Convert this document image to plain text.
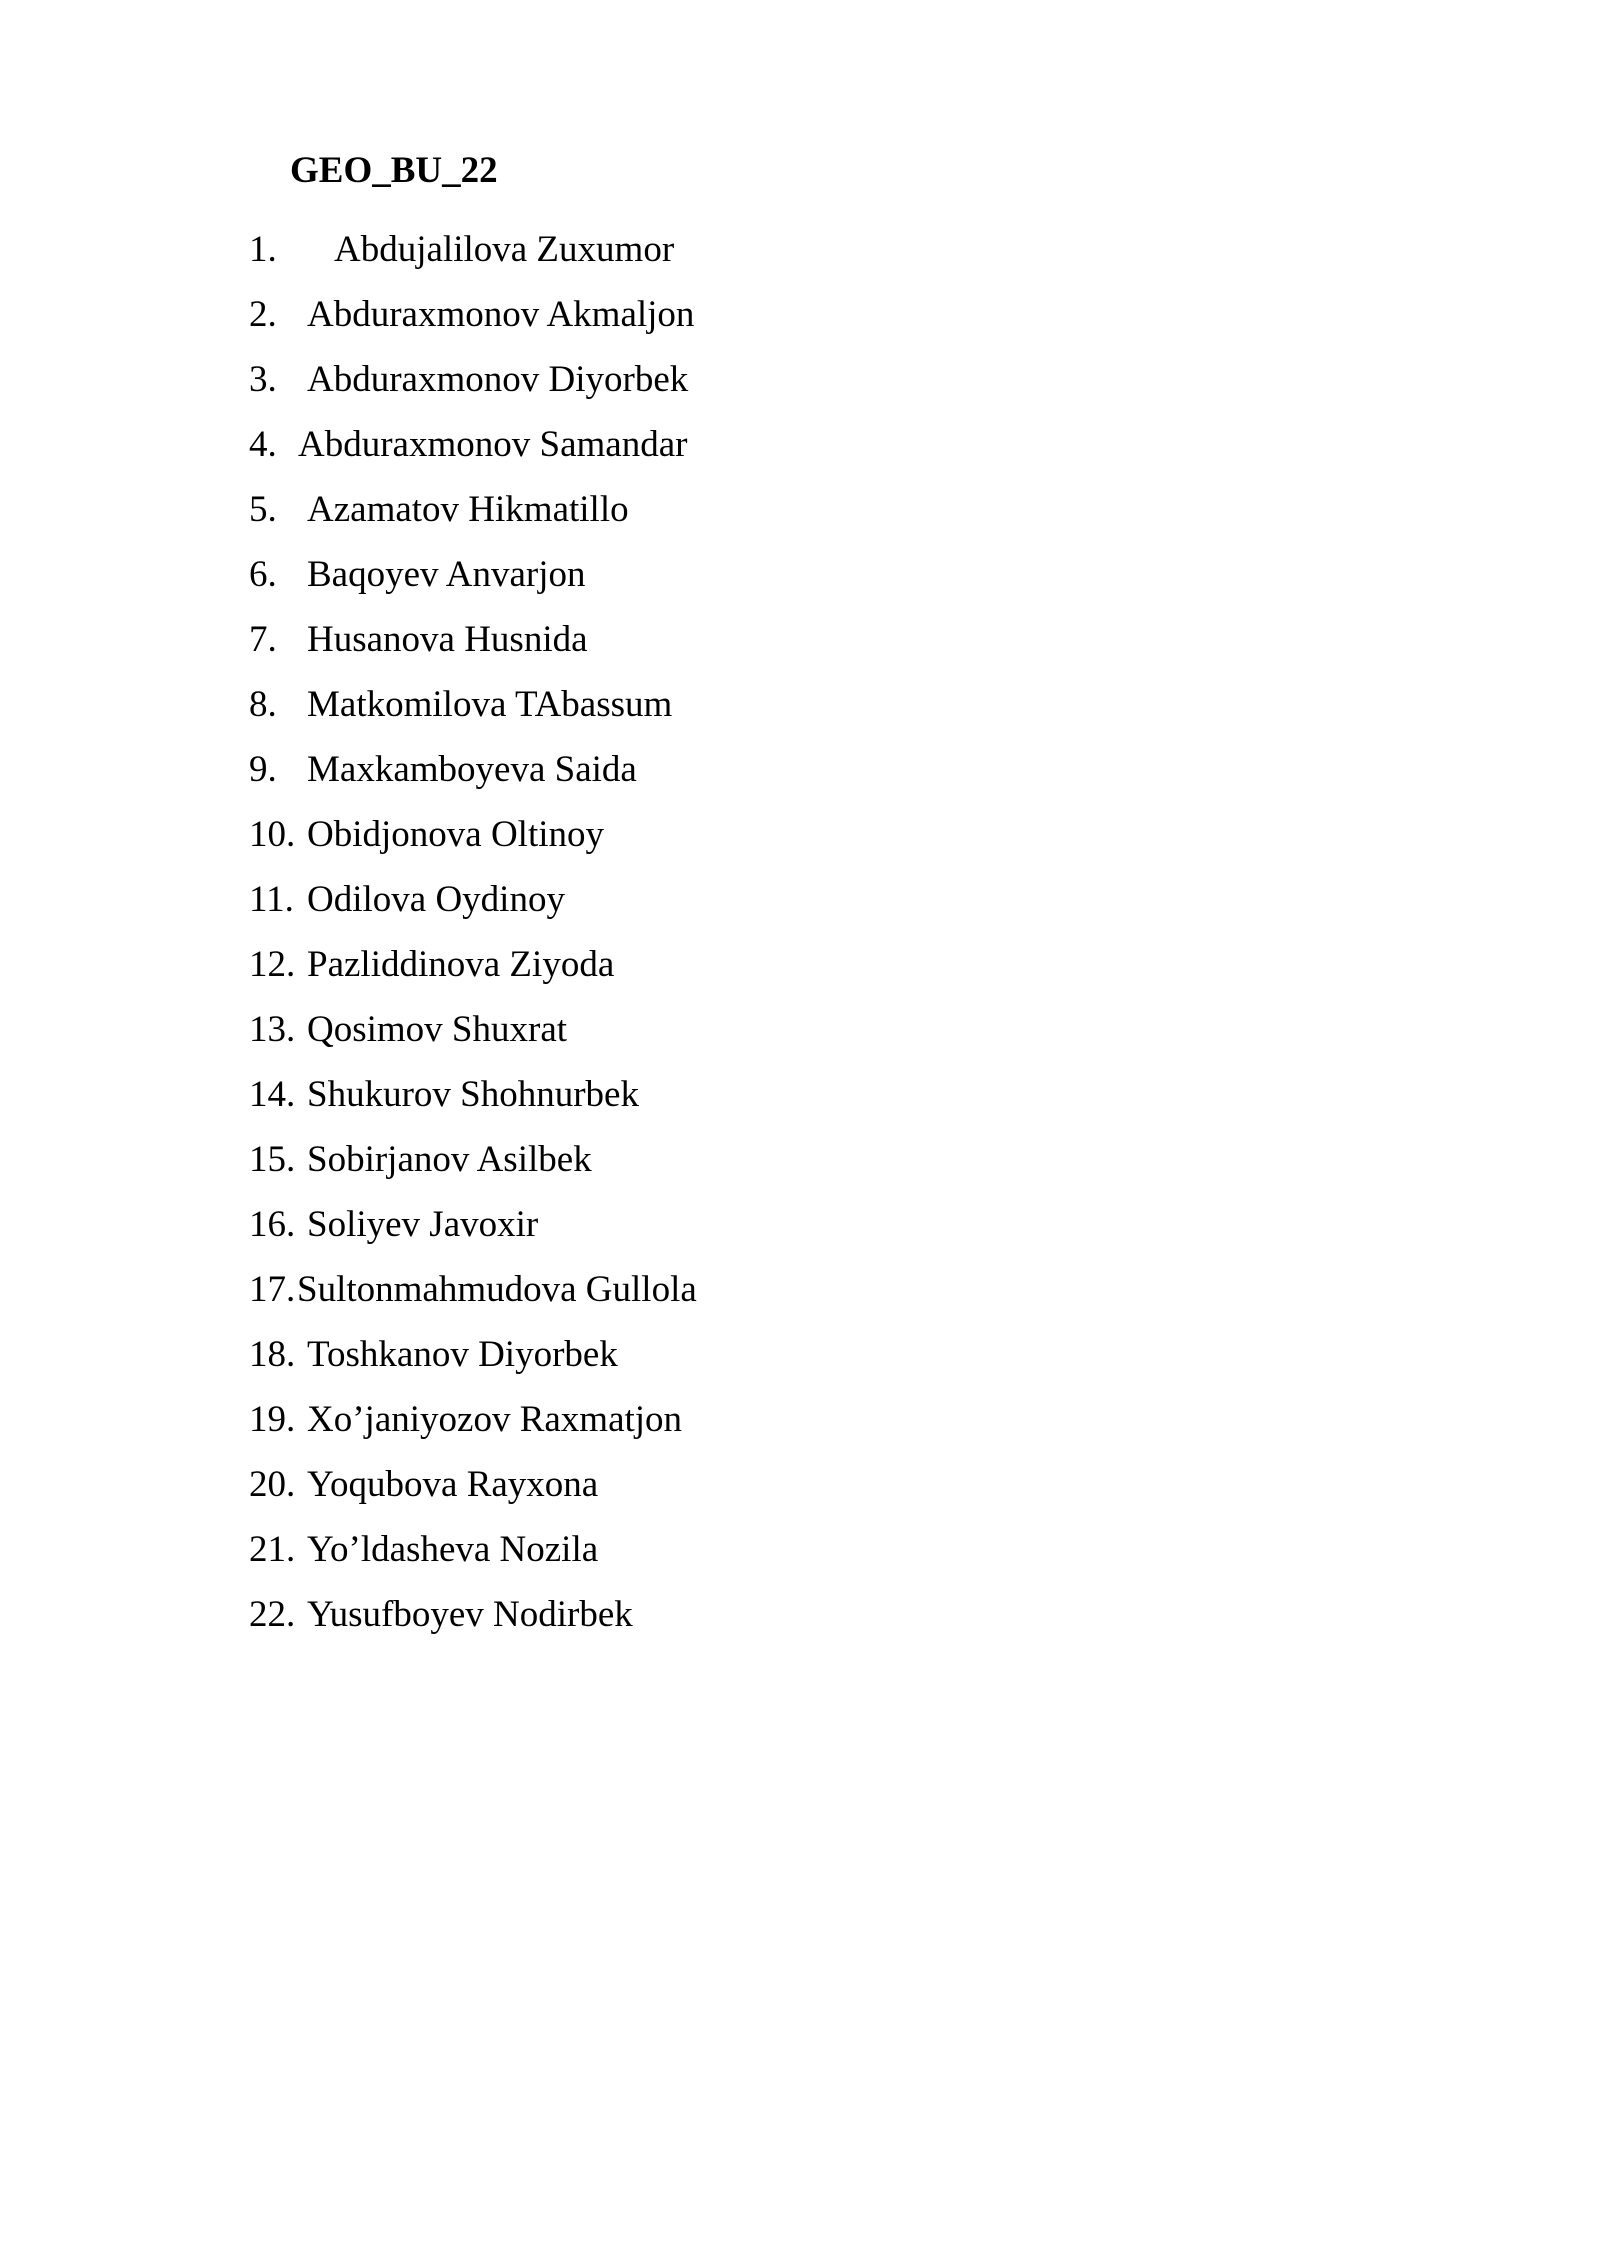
GEO_BU_22
1. Abdujalilova Zuxumor
2. Abduraxmonov Akmaljon
3. Abduraxmonov Diyorbek
4. Abduraxmonov Samandar
5. Azamatov Hikmatillo
6. Baqoyev Anvarjon
7. Husanova Husnida
8. Matkomilova TAbassum
9. Maxkamboyeva Saida
10. Obidjonova Oltinoy
11. Odilova Oydinoy
12. Pazliddinova Ziyoda
13. Qosimov Shuxrat
14. Shukurov Shohnurbek
15. Sobirjanov Asilbek
16. Soliyev Javoxir
17. Sultonmahmudova Gullola
18. Toshkanov Diyorbek
19. Xo’janiyozov Raxmatjon
20. Yoqubova Rayxona
21. Yo’ldasheva Nozila
22. Yusufboyev Nodirbek
